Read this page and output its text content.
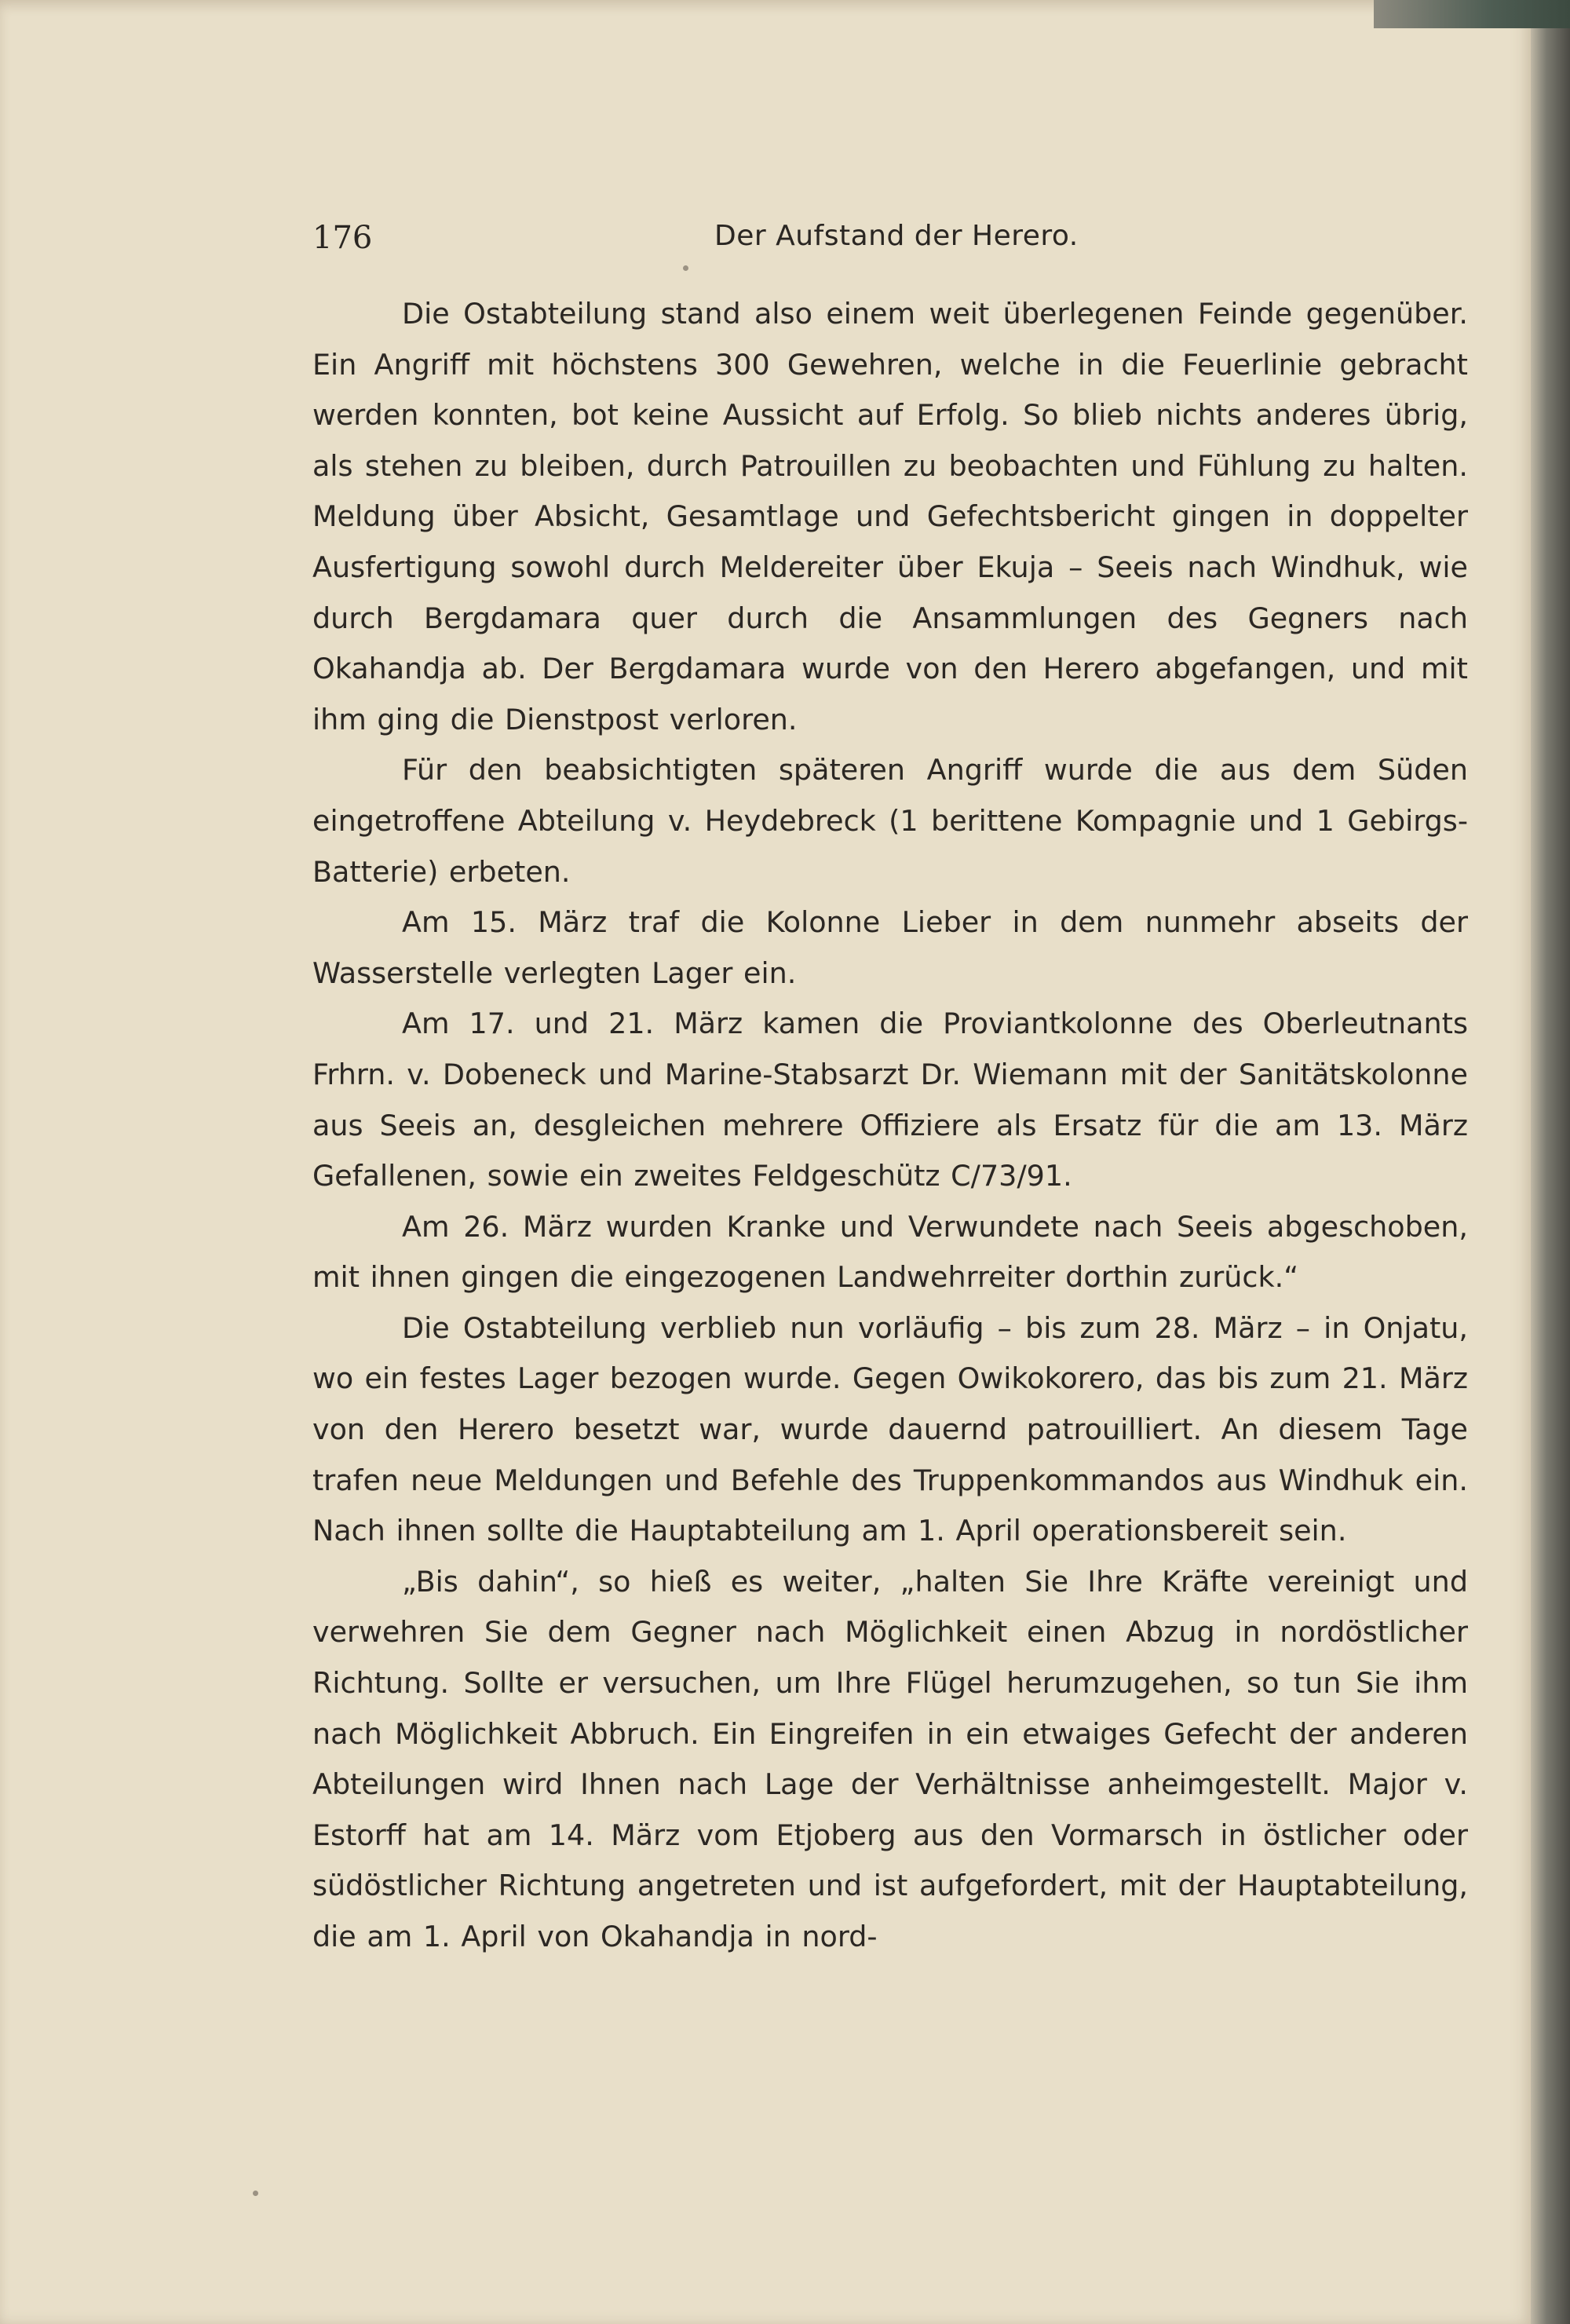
176	Der Aufstand der Herero.

Die Ostabteilung stand also einem weit überlegenen Feinde gegenüber. Ein Angriff mit höchstens 300 Gewehren, welche in die Feuerlinie gebracht werden konnten, bot keine Aussicht auf Erfolg. So blieb nichts anderes übrig, als stehen zu bleiben, durch Patrouillen zu beobachten und Fühlung zu halten. Meldung über Absicht, Gesamtlage und Gefechtsbericht gingen in doppelter Ausfertigung sowohl durch Meldereiter über Ekuja – Seeis nach Windhuk, wie durch Bergdamara quer durch die Ansammlungen des Gegners nach Okahandja ab. Der Bergdamara wurde von den Herero abgefangen, und mit ihm ging die Dienstpost verloren.

Für den beabsichtigten späteren Angriff wurde die aus dem Süden eingetroffene Abteilung v. Heydebreck (1 berittene Kompagnie und 1 Gebirgs-Batterie) erbeten.

Am 15. März traf die Kolonne Lieber in dem nunmehr abseits der Wasserstelle verlegten Lager ein.

Am 17. und 21. März kamen die Proviantkolonne des Oberleutnants Frhrn. v. Dobeneck und Marine-Stabsarzt Dr. Wiemann mit der Sanitätskolonne aus Seeis an, desgleichen mehrere Offiziere als Ersatz für die am 13. März Gefallenen, sowie ein zweites Feldgeschütz C/73/91.

Am 26. März wurden Kranke und Verwundete nach Seeis abgeschoben, mit ihnen gingen die eingezogenen Landwehrreiter dorthin zurück.“

Die Ostabteilung verblieb nun vorläufig – bis zum 28. März – in Onjatu, wo ein festes Lager bezogen wurde. Gegen Owikokorero, das bis zum 21. März von den Herero besetzt war, wurde dauernd patrouilliert. An diesem Tage trafen neue Meldungen und Befehle des Truppenkommandos aus Windhuk ein. Nach ihnen sollte die Hauptabteilung am 1. April operationsbereit sein.

„Bis dahin“, so hieß es weiter, „halten Sie Ihre Kräfte vereinigt und verwehren Sie dem Gegner nach Möglichkeit einen Abzug in nordöstlicher Richtung. Sollte er versuchen, um Ihre Flügel herumzugehen, so tun Sie ihm nach Möglichkeit Abbruch. Ein Eingreifen in ein etwaiges Gefecht der anderen Abteilungen wird Ihnen nach Lage der Verhältnisse anheimgestellt. Major v. Estorff hat am 14. März vom Etjoberg aus den Vormarsch in östlicher oder südöstlicher Richtung angetreten und ist aufgefordert, mit der Hauptabteilung, die am 1. April von Okahandja in nord-
